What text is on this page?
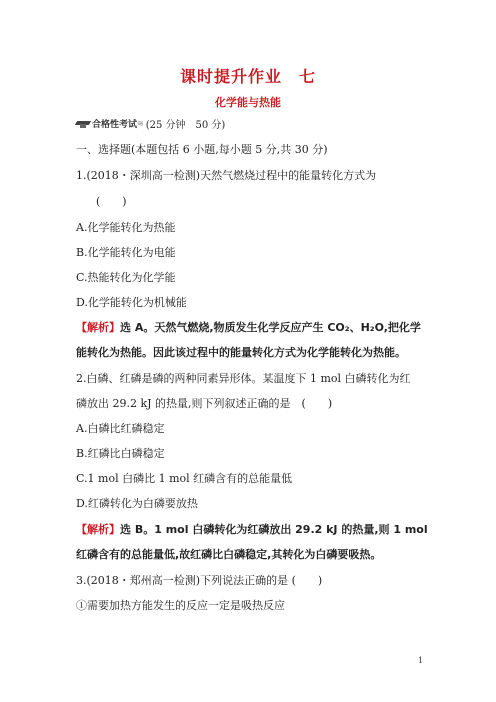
课时提升作业　七
化学能与热能
合格性考试 ≋ (25 分钟　50 分)
一、选择题(本题包括 6 小题,每小题 5 分,共 30 分)
1.(2018・深圳高一检测)天然气燃烧过程中的能量转化方式为
(　　)
A.化学能转化为热能
B.化学能转化为电能
C.热能转化为化学能
D.化学能转化为机械能
【解析】选 A。天然气燃烧,物质发生化学反应产生 CO₂、H₂O,把化学
能转化为热能。因此该过程中的能量转化方式为化学能转化为热能。
2.白磷、红磷是磷的两种同素异形体。某温度下 1 mol 白磷转化为红
磷放出 29.2 kJ 的热量,则下列叙述正确的是　(　　)
A.白磷比红磷稳定
B.红磷比白磷稳定
C.1 mol 白磷比 1 mol 红磷含有的总能量低
D.红磷转化为白磷要放热
【解析】选 B。1 mol 白磷转化为红磷放出 29.2 kJ 的热量,则 1 mol
红磷含有的总能量低,故红磷比白磷稳定,其转化为白磷要吸热。
3.(2018・郑州高一检测)下列说法正确的是 (　　)
①需要加热方能发生的反应一定是吸热反应
1
